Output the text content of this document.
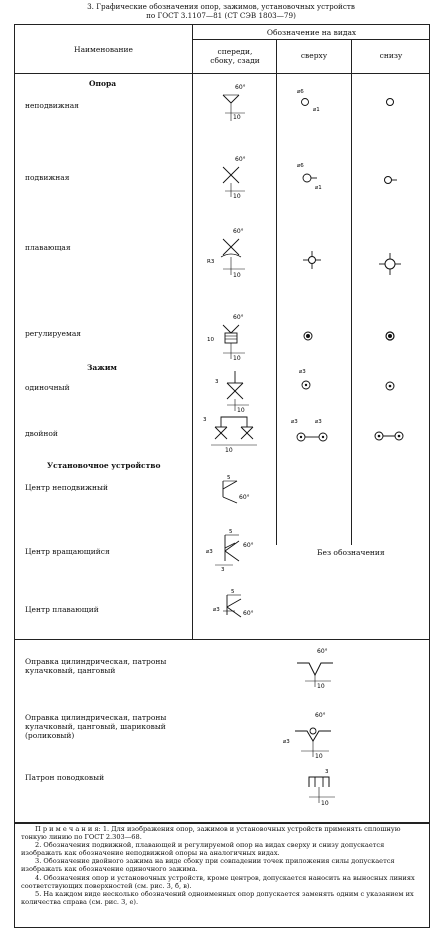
3. Графические обозначения опор, зажимов, установочных устройств
по ГОСТ 3.1107—81 (СТ СЭВ 1803—79)
Наименование
Обозначение на видах
спереди, сбоку, сзади
сверху	снизу
Опора
неподвижная
подвижная
плавающая
регулируемая
Зажим
одиночный
двойной
Установочное устройство
Центр неподвижный
Центр вращающийся
Центр плавающий
Оправка цилиндрическая, патроны кулачковый, цанговый
Оправка цилиндрическая, патроны кулачковый, цанговый, шариковый (роликовый)
Патрон поводковый
Без обозначения
60°
10
⌀6
⌀1
60°
10
⌀6
⌀1
60°
R3
10
60°
10
10
3
10
⌀3
3
10
⌀3	⌀3
5
60°
5
60°
⌀3
3
5
60°
⌀3
60°
10
60°
⌀3
10
3
10

П р и м е ч а н и я: 1. Для изображения опор, зажимов и установочных устройств применять сплошную тонкую линию по ГОСТ 2.303—68.

2. Обозначения подвижной, плавающей и регулируемой опор на видах сверху и снизу допускается изображать как обозначение неподвижной опоры на аналогичных видах.

3. Обозначение двойного зажима на виде сбоку при совпадении точек приложения силы допускается изображать как обозначение одиночного зажима.

4. Обозначения опор и установочных устройств, кроме центров, допускается наносить на выносных линиях соответствующих поверхностей (см. рис. 3, б, в).

5. На каждом виде несколько обозначений одноименных опор допускается заменять одним с указанием их количества справа (см. рис. 3, е).
